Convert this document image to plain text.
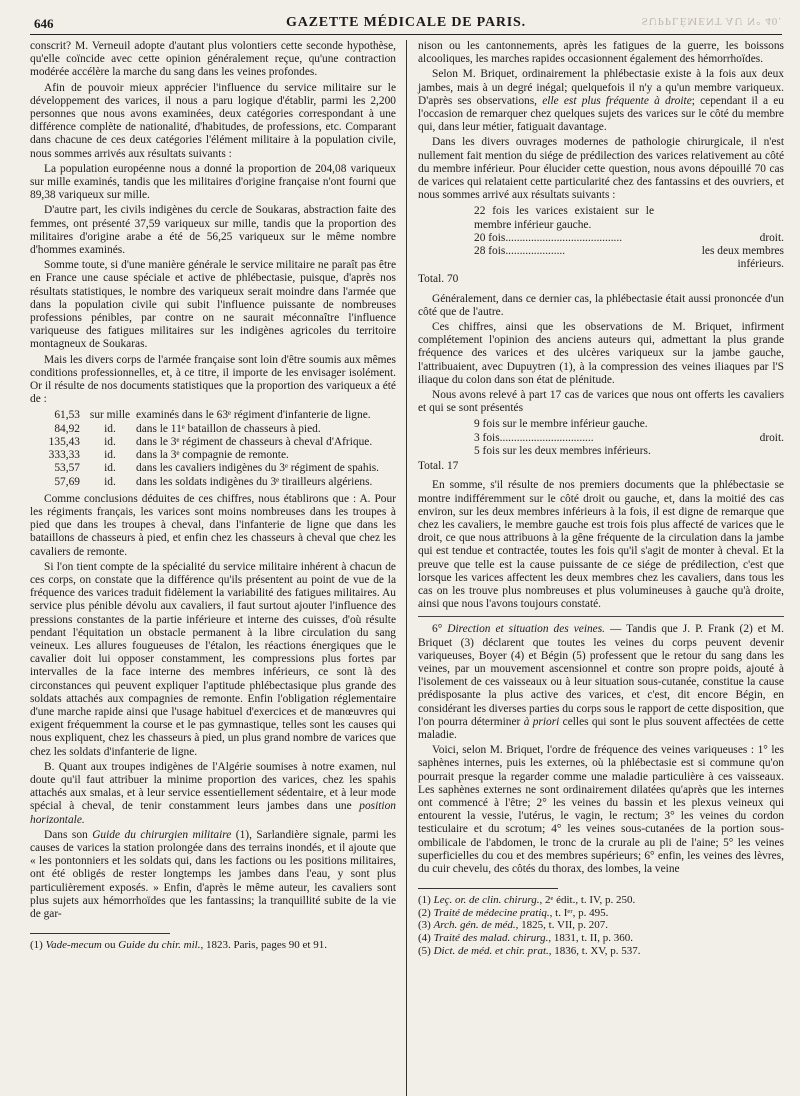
646	GAZETTE MÉDICALE DE PARIS.	SUPPLÉMENT AU N° 40.

conscrit? M. Verneuil adopte d'autant plus volontiers cette seconde hypothèse, qu'elle coïncide avec cette opinion généralement reçue, qu'une contraction modérée accélère la marche du sang dans les veines profondes.

Afin de pouvoir mieux apprécier l'influence du service militaire sur le développement des varices, il nous a paru logique d'établir, parmi les 2,200 personnes que nous avons examinées, deux catégories correspondant à une différence complète de nationalité, d'habitudes, de professions, etc. Comparant dans chacune de ces deux catégories l'élément militaire à la population civile, nous sommes arrivés aux résultats suivants :

La population européenne nous a donné la proportion de 204,08 variqueux sur mille examinés, tandis que les militaires d'origine française n'ont fourni que 89,38 variqueux sur mille.

D'autre part, les civils indigènes du cercle de Soukaras, abstraction faite des femmes, ont présenté 37,59 variqueux sur mille, tandis que la proportion des militaires d'origine arabe a été de 56,25 variqueux sur le même nombre d'hommes examinés.

Somme toute, si d'une manière générale le service militaire ne paraît pas être en France une cause spéciale et active de phlébectasie, puisque, d'après nos résultats statistiques, le nombre des variqueux serait moindre dans l'armée que dans la population civile qui subit l'influence puissante de nombreuses professions pénibles, par contre on ne saurait méconnaître l'influence variqueuse des fatigues militaires sur les indigènes agricoles du territoire montagneux de Soukaras.

Mais les divers corps de l'armée française sont loin d'être soumis aux mêmes conditions professionnelles, et, à ce titre, il importe de les envisager isolément. Or il résulte de nos documents statistiques que la proportion des variqueux a été de :

61,53 sur mille examinés dans le 63ᵉ régiment d'infanterie de ligne.
84,92	id.	dans le 11ᵉ bataillon de chasseurs à pied.
135,43	id.	dans le 3ᵉ régiment de chasseurs à cheval d'Afrique.
333,33	id.	dans la 3ᵉ compagnie de remonte.
53,57	id.	dans les cavaliers indigènes du 3ᵉ régiment de spahis.
57,69	id.	dans les soldats indigènes du 3ᵉ tirailleurs algériens.

Comme conclusions déduites de ces chiffres, nous établirons que : A. Pour les régiments français, les varices sont moins nombreuses dans les troupes à pied que dans les troupes à cheval, dans l'infanterie de ligne que dans les bataillons de chasseurs à pied, et enfin chez les chasseurs à cheval que chez les cavaliers de remonte.

Si l'on tient compte de la spécialité du service militaire inhérent à chacun de ces corps, on constate que la différence qu'ils présentent au point de vue de la fréquence des varices traduit fidèlement la variabilité des fatigues militaires. Au service plus pénible dévolu aux cavaliers, il faut surtout ajouter l'influence des pressions constantes de la partie inférieure et interne des cuisses, d'où résulte pendant l'équitation un obstacle permanent à la libre circulation du sang veineux. Les allures fougueuses de l'étalon, les réactions énergiques que le cavalier doit lui opposer constamment, les compressions plus fortes par intervalles de la face interne des membres inférieurs, ce sont là des circonstances qui peuvent expliquer l'aptitude phlébectasique plus grande des soldats attachés aux compagnies de remonte. Enfin l'obligation réglementaire d'une marche rapide ainsi que l'usage habituel d'exercices et de manœuvres qui exigent fréquemment la course et le pas gymnastique, telles sont les causes qui nous expliquent, chez les chasseurs à pied, un plus grand nombre de varices que chez les soldats d'infanterie de ligne.

B. Quant aux troupes indigènes de l'Algérie soumises à notre examen, nul doute qu'il faut attribuer la minime proportion des varices, chez les spahis attachés aux smalas, et à leur service essentiellement sédentaire, et à leur mode spécial à cheval, de tenir constamment leurs jambes dans une position horizontale.

Dans son Guide du chirurgien militaire (1), Sarlandière signale, parmi les causes de varices la station prolongée dans des terrains inondés, et il ajoute que « les pontonniers et les soldats qui, dans les factions ou les positions militaires, ont été obligés de rester longtemps les jambes dans l'eau, y sont plus particulièrement exposés. » Enfin, d'après le même auteur, les cavaliers sont plus sujets aux hémorrhoïdes que les fantassins; la tranquillité subite de la vie de gar-

(1) Vade-mecum ou Guide du chir. mil., 1823. Paris, pages 90 et 91.

nison ou les cantonnements, après les fatigues de la guerre, les boissons alcooliques, les marches rapides occasionnent également des hémorrhoïdes.

Selon M. Briquet, ordinairement la phlébectasie existe à la fois aux deux jambes, mais à un degré inégal; quelquefois il n'y a qu'un membre variqueux. D'après ses observations, elle est plus fréquente à droite; cependant il a eu l'occasion de remarquer chez quelques sujets des varices sur le côté du membre qui, dans leur métier, fatiguait davantage.

Dans les divers ouvrages modernes de pathologie chirurgicale, il n'est nullement fait mention du siége de prédilection des varices relativement au côté du membre inférieur. Pour élucider cette question, nous avons dépouillé 70 cas de varices qui relataient cette particularité chez des fantassins et des ouvriers, et nous sommes arrivé aux résultats suivants :

22 fois les varices existaient sur le membre inférieur gauche.
20 fois.........................................	droit.
28 fois.....................	les deux membres inférieurs.
Total. 70

Généralement, dans ce dernier cas, la phlébectasie était aussi prononcée d'un côté que de l'autre.

Ces chiffres, ainsi que les observations de M. Briquet, infirment complétement l'opinion des anciens auteurs qui, admettant la plus grande fréquence des varices et des ulcères variqueux sur la jambe gauche, l'attribuaient, avec Dupuytren (1), à la compression des veines iliaques par l'S iliaque du colon dans son état de plénitude.

Nous avons relevé à part 17 cas de varices que nous ont offerts les cavaliers et qui se sont présentés

9 fois sur le membre inférieur gauche.
3 fois.................................	droit.
5 fois sur les deux membres inférieurs.
Total. 17

En somme, s'il résulte de nos premiers documents que la phlébectasie se montre indifféremment sur le côté droit ou gauche, et, dans la moitié des cas environ, sur les deux membres inférieurs à la fois, il est digne de remarque que chez les cavaliers, le membre gauche est trois fois plus affecté de varices que le droit, ce que nous attribuons à la gêne fréquente de la circulation dans la jambe qui est tendue et contractée, toutes les fois qu'il s'agit de monter à cheval. Et la preuve que telle est la cause puissante de ce siége de prédilection, c'est que lorsque les varices affectent les deux membres chez les cavaliers, dans tous les cas on les trouve plus nombreuses et plus volumineuses à gauche qu'à droite, ainsi que nous l'avons toujours constaté.

6° Direction et situation des veines. — Tandis que J. P. Frank (2) et M. Briquet (3) déclarent que toutes les veines du corps peuvent devenir variqueuses, Boyer (4) et Bégin (5) professent que le retour du sang dans les veines, par un mouvement ascensionnel et contre son propre poids, ajouté à l'isolement de ces vaisseaux ou à leur situation sous-cutanée, constitue la cause prédisposante la plus active des varices, et c'est, dit encore Bégin, en considérant les diverses parties du corps sous le rapport de cette disposition, que l'on pourra déterminer à priori celles qui sont le plus souvent affectées de cette maladie.

Voici, selon M. Briquet, l'ordre de fréquence des veines variqueuses : 1° les saphènes internes, puis les externes, où la phlébectasie est si commune qu'on pourrait presque la regarder comme une maladie particulière à ces vaisseaux. Les saphènes externes ne sont ordinairement dilatées qu'après que les internes ont commencé à l'être; 2° les veines du bassin et les plexus veineux qui entourent la vessie, l'utérus, le vagin, le rectum; 3° les veines du cordon testiculaire et du scrotum; 4° les veines sous-cutanées de la portion sous-ombilicale de l'abdomen, le tronc de la crurale au pli de l'aine; 5° les veines superficielles du cou et des membres supérieurs; 6° enfin, les veines des lèvres, du cuir chevelu, des côtés du thorax, des lombes, la veine

(1) Leç. or. de clin. chirurg., 2ᵉ édit., t. IV, p. 250.
(2) Traité de médecine pratiq., t. Iᵉʳ, p. 495.
(3) Arch. gén. de méd., 1825, t. VII, p. 207.
(4) Traité des malad. chirurg., 1831, t. II, p. 360.
(5) Dict. de méd. et chir. prat., 1836, t. XV, p. 537.
